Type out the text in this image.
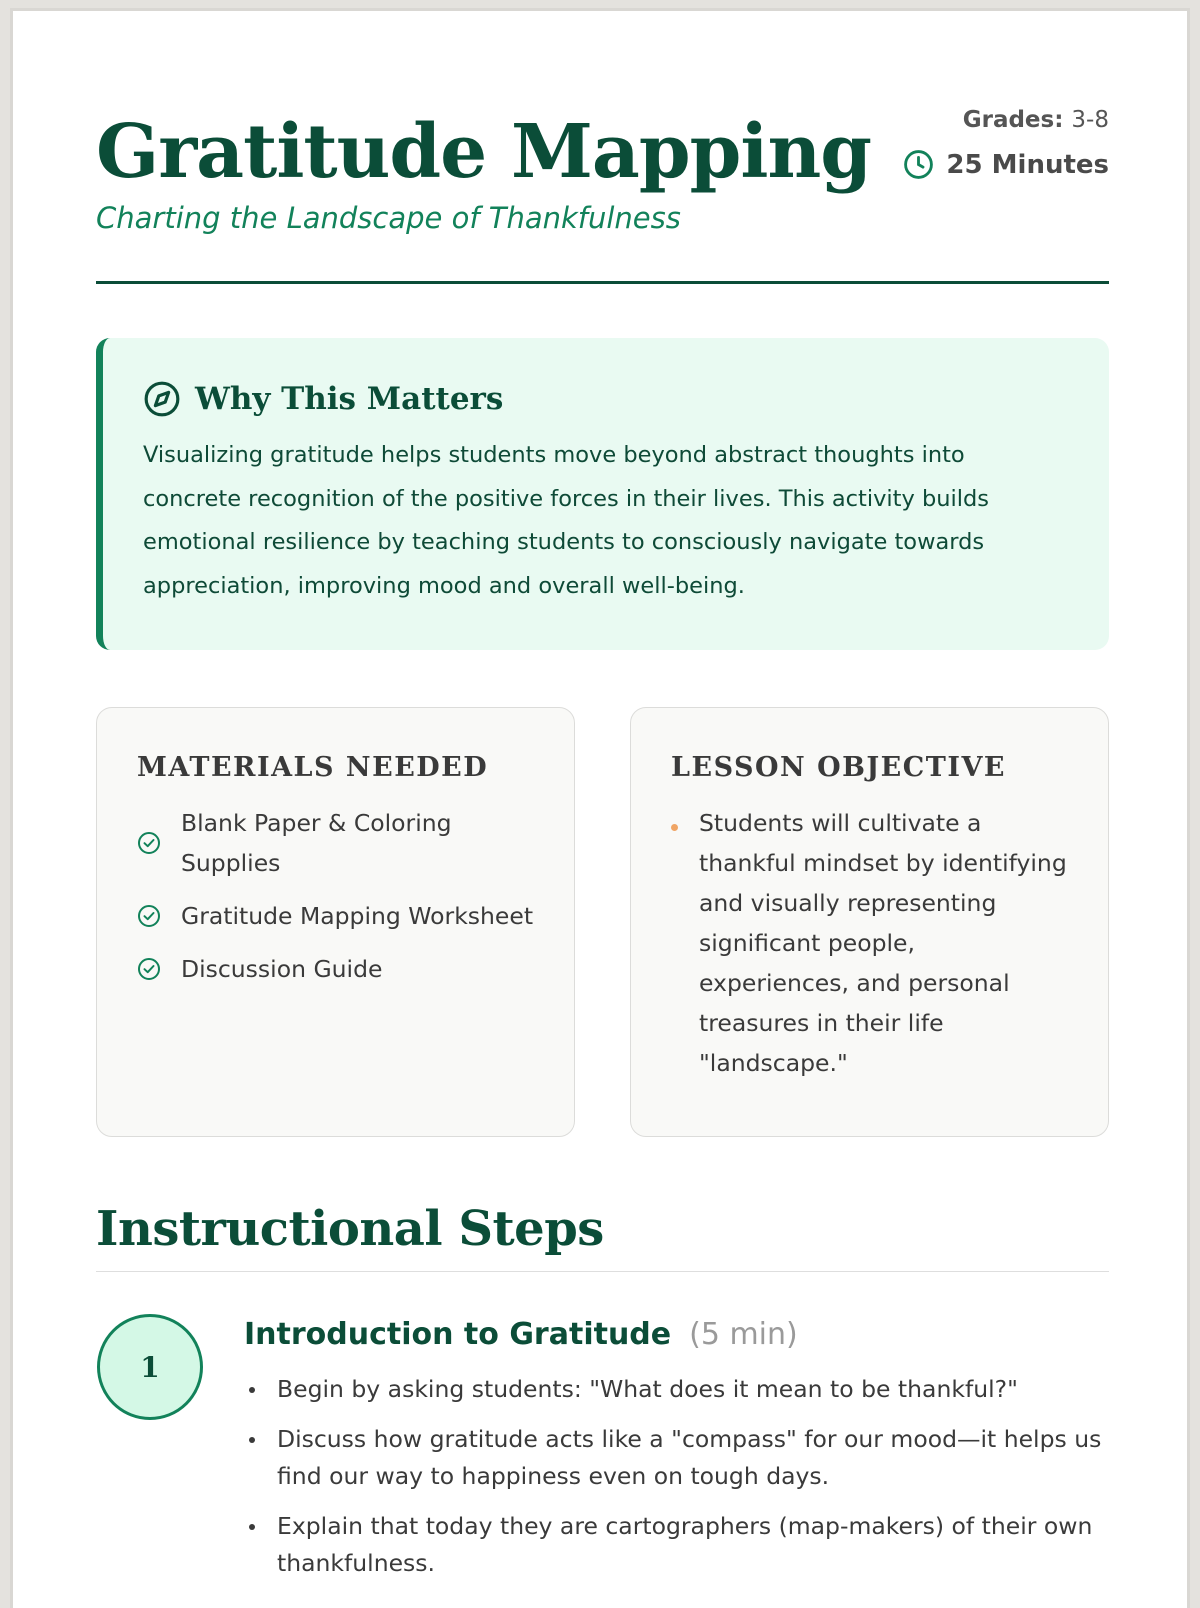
Gratitude Mapping
Charting the Landscape of Thankfulness
Grades: 3-8
25 Minutes
Why This Matters

Visualizing gratitude helps students move beyond abstract thoughts into concrete recognition of the positive forces in their lives. This activity builds emotional resilience by teaching students to consciously navigate towards appreciation, improving mood and overall well-being.

MATERIALS NEEDED
Blank Paper & Coloring Supplies
Gratitude Mapping Worksheet
Discussion Guide
LESSON OBJECTIVE
Students will cultivate a thankful mindset by identifying and visually representing significant people, experiences, and personal treasures in their life "landscape."
Instructional Steps
1
Introduction to Gratitude (5 min)
Begin by asking students: "What does it mean to be thankful?"
Discuss how gratitude acts like a "compass" for our mood—it helps us find our way to happiness even on tough days.
Explain that today they are cartographers (map-makers) of their own thankfulness.
